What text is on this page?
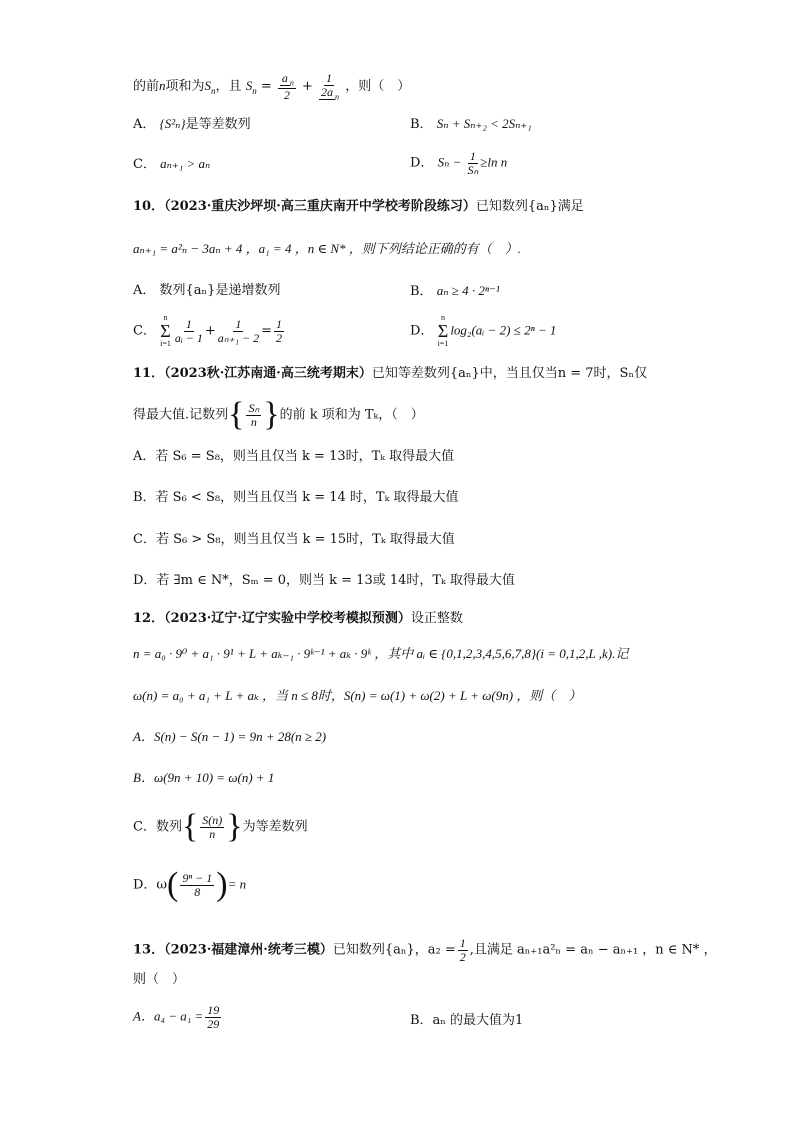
的前n项和为$S_n$，且 $S_n = \frac{a _n}{2} + \frac{1}{2a _n}$ ，则（　）
A． {S²ₙ}是等差数列	B． Sₙ + Sₙ₊₂ < 2Sₙ₊₁
C． aₙ₊₁ > aₙ	D． $S_n - \frac{1}{\text{Sₙ}} \ge\ln$ n
10．（2023·重庆沙坪坝·高三重庆南开中学校考阶段练习）已知数列{aₙ}满足
aₙ₊₁ = a²ₙ − 3aₙ + 4 ，a₁ = 4 ，n ∈ N* ，则下列结论正确的有（　）.
A． 数列{aₙ}是递增数列	B． aₙ ≥ 4 · 2ⁿ⁻¹
C．
n
Σ
$i=1 \frac{1}{\text{aᵢ − 1}} + \frac{1}{\text{aₙ₊₁ − 2}} = \frac{1}{2}$	D．
n
Σ
i=1
log₂(aᵢ − 2) ≤ 2ⁿ − 1
11．（2023秋·江苏南通·高三统考期末）已知等差数列{aₙ}中，当且仅当n = 7时，Sₙ仅
得最大值.记数列{ $\frac{\text{Sₙ}}{n}$ }的前 k 项和为 Tₖ，（　）
A．若 S₆ = S₈，则当且仅当 k = 13时，Tₖ 取得最大值
B．若 S₆ < S₈，则当且仅当 k = 14 时，Tₖ 取得最大值
C．若 S₆ > S₈，则当且仅当 k = 15时，Tₖ 取得最大值
D．若 ∃m ∈ N*，Sₘ = 0，则当 k = 13或 14时，Tₖ 取得最大值
12．（2023·辽宁·辽宁实验中学校考模拟预测）设正整数
n = a₀ · 9⁰ + a₁ · 9¹ + L + aₖ₋₁ · 9ᵏ⁻¹ + aₖ · 9ᵏ ，其中 aᵢ ∈ {0,1,2,3,4,5,6,7,8}(i = 0,1,2,L ,k).记
ω(n) = a₀ + a₁ + L + aₖ ，当 n ≤ 8时，S(n) = ω(1) + ω(2) + L + ω(9n) ，则（　）
A．S(n) − S(n − 1) = 9n + 28(n ≥ 2)
B．ω(9n + 10) = ω(n) + 1
C．数列{ $\frac{S(n)}{n}$ }为等差数列
D．$\omega( \frac{\text{9ⁿ − 1}}{8}$ )= n
13．（2023·福建漳州·统考三模）已知数列{aₙ}，$a_2 = \frac{1}{2}$ ,且满足 aₙ₊₁a²ₙ = aₙ − aₙ₊₁ ，n ∈ N* ，
则（　）
A．$a_4 - a_1 = \frac{19}{29}$	B．aₙ 的最大值为1
